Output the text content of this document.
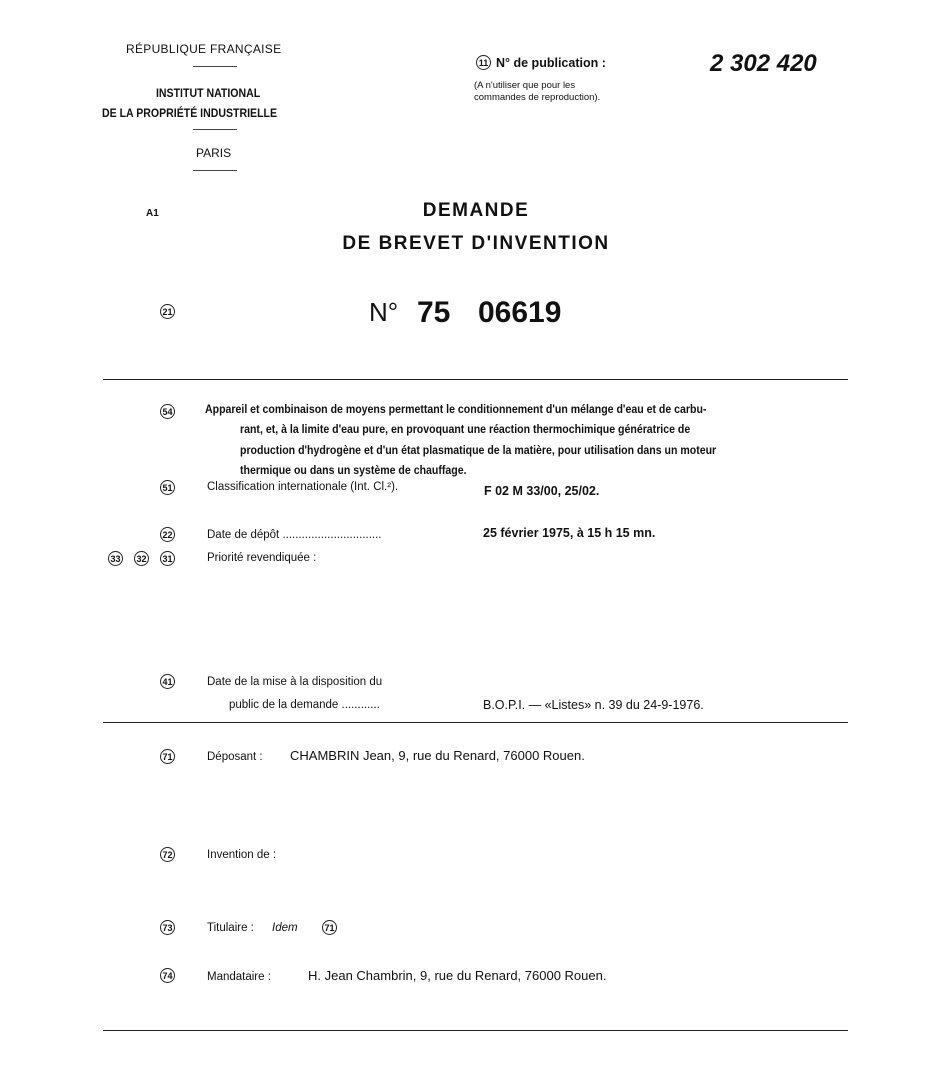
RÉPUBLIQUE FRANÇAISE
INSTITUT NATIONAL
DE LA PROPRIÉTÉ INDUSTRIELLE
PARIS
11 N° de publication :
(A n'utiliser que pour les
commandes de reproduction).
2 302 420
A1	DEMANDE
DE BREVET D'INVENTION
21	N° 75 06619
54	Appareil et combinaison de moyens permettant le conditionnement d'un mélange d'eau et de carbu-
rant, et, à la limite d'eau pure, en provoquant une réaction thermochimique génératrice de
production d'hydrogène et d'un état plasmatique de la matière, pour utilisation dans un moteur
thermique ou dans un système de chauffage.
51	Classification internationale (Int. Cl.²).	F 02 M 33/00, 25/02.
22	Date de dépôt ...............................	25 février 1975, à 15 h 15 mn.
33 32 31	Priorité revendiquée :
41	Date de la mise à la disposition du
public de la demande ............	B.O.P.I. — «Listes» n. 39 du 24-9-1976.
71	Déposant : CHAMBRIN Jean, 9, rue du Renard, 76000 Rouen.
72	Invention de :
73	Titulaire : Idem	71
74	Mandataire :	H. Jean Chambrin, 9, rue du Renard, 76000 Rouen.
